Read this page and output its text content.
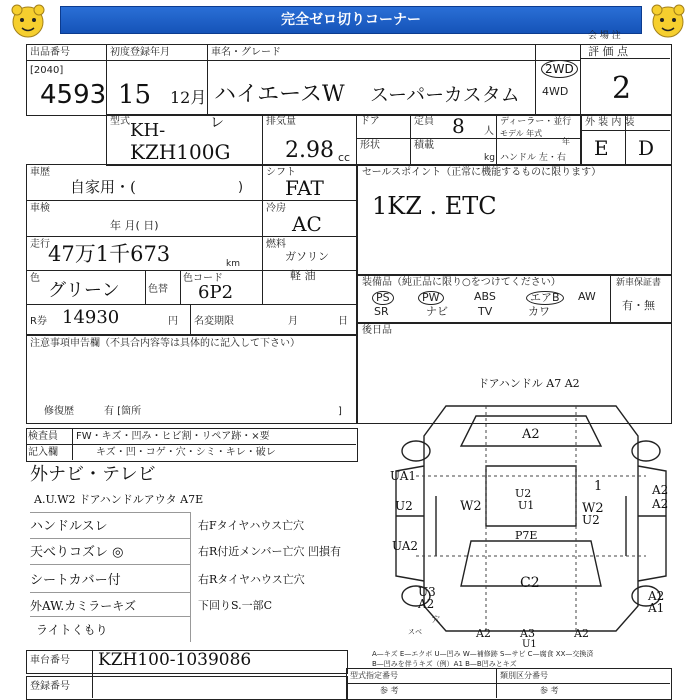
完全ゼロ切りコーナー
出品番号
[2040]
4593
初度登録年月
15 12月
車名・グレード
ハイエースW スーパーカスタム
2WD
4WD
評 価 点
2
会 場 注
型式 KH-	レ
KZH100G
排気量
2.98 cc
ドア
形状
定員 8 人
積載
kg
ディーラー・並行
モデル 年式
年
ハンドル 左・右
外 装 内 装
E D
車歴
自家用・(	)
シフト
FAT
車検
年 月( 日)
冷房
AC
走行
47万1千673	km
燃料
ガソリン
軽 油
色
グリーン	色替
色コード
6P2
R券 14930	円 名変期限	月	日
セールスポイント（正常に機能するものに限ります）
1KZ . ETC
装備品（純正品に限り○をつけてください）	新車保証書
有・無
PS	PW	ABS	エアB	AW
SR	ナビ	TV	カワ
後日品
注意事項申告欄（不具合内容等は具体的に記入して下さい）
修復歴	有 [箇所	]
検査員
記入欄
FW・キズ・凹み・ヒビ割・リペア跡・×要
キズ・凹・コゲ・穴・シミ・キレ・破レ
外ナビ・テレビ
A.U.W2 ドアハンドルアウタ A7E
ハンドルスレ
天べりコズレ ◎
シートカバー付
外AW.カミラーキズ
ライトくもり
右Fタイヤハウス亡穴
右R付近メンバー亡穴 凹損有
右Rタイヤハウス亡穴
下回りS.一部C
ドアハンドル A7 A2
A2
UA1
U2	W2
U2
U1	W2
U2
1	A2
A2
UA2
P7E
C2
U3
A2
A2
A1
A2	A3
U1
A2
スベ
穴
A—キズ E—エクボ U—凹み W—補修跡 S—サビ C—腐食 XX—交換済
B—凹みを伴うキズ（例）A1 B—B凹みとキズ
車台番号 KZH100-1039086
登録番号
型式指定番号	類別区分番号
参 考	参 考
